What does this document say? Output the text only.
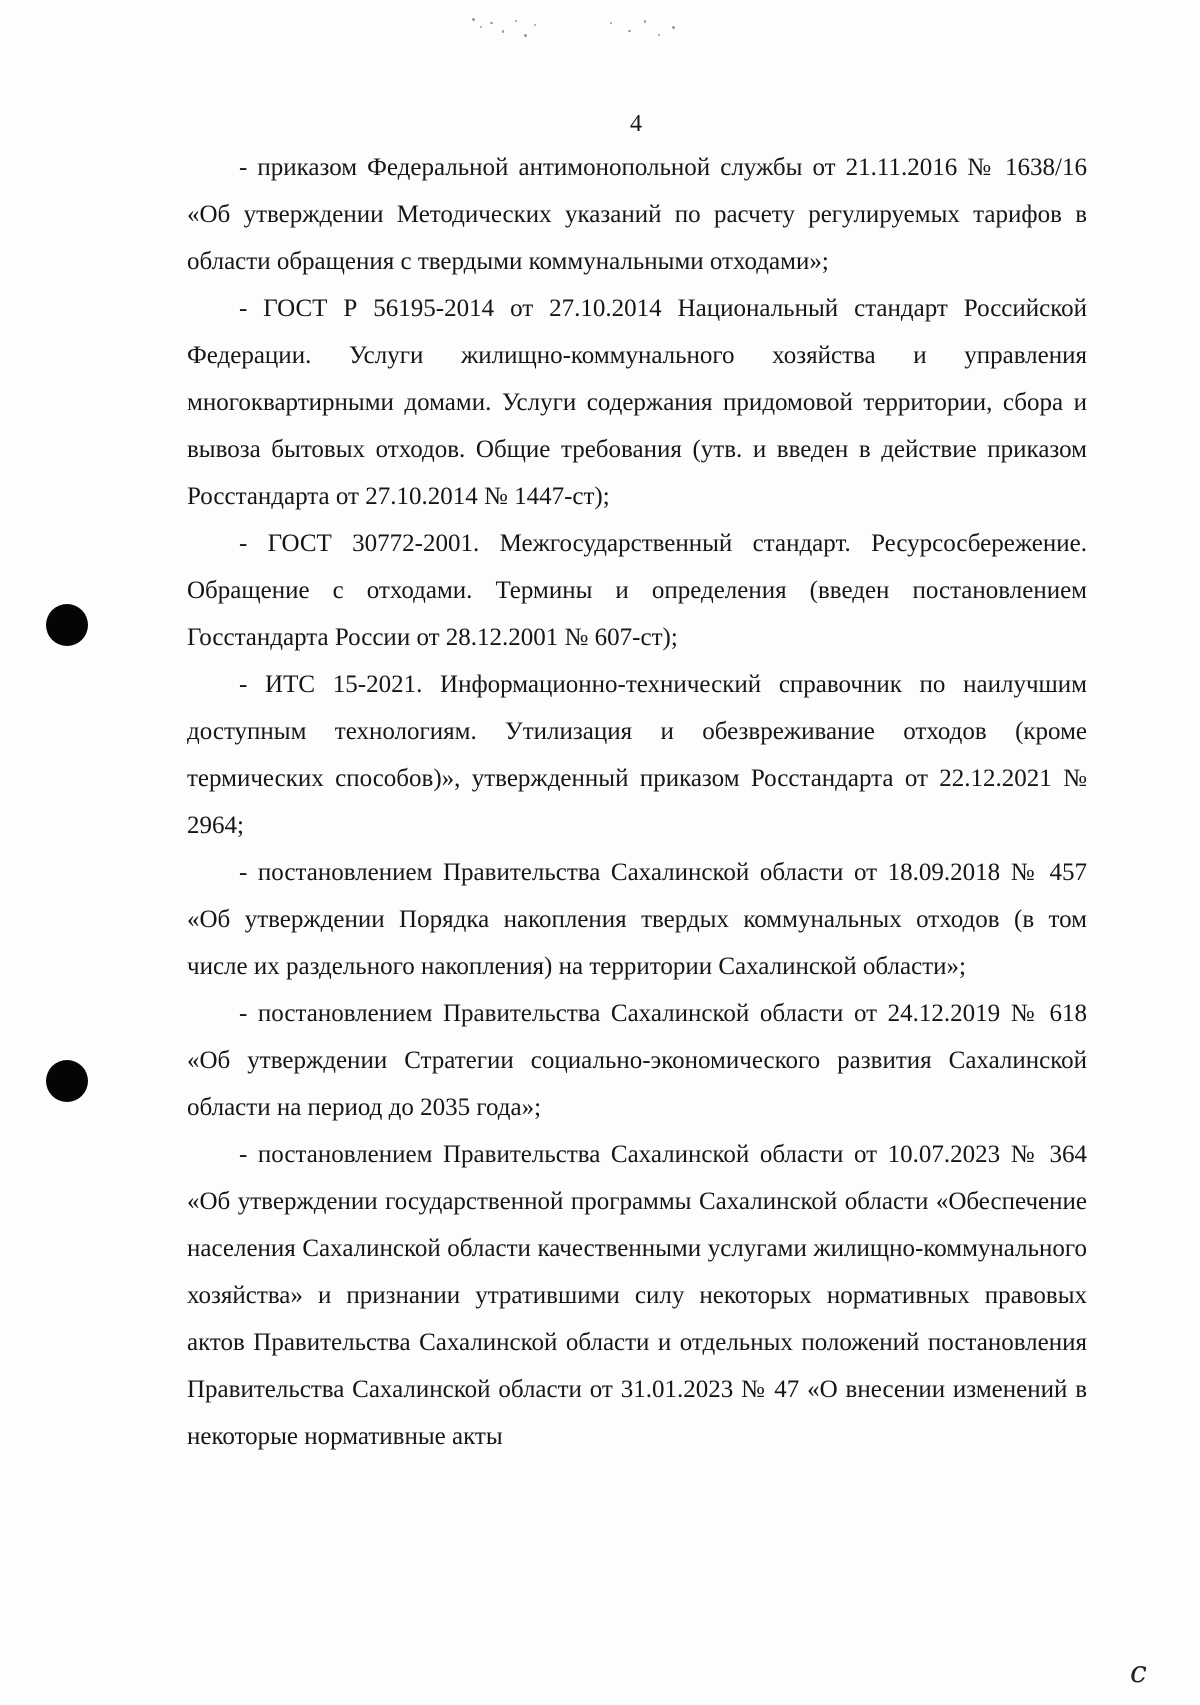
4

- приказом Федеральной антимонопольной службы от 21.11.2016 № 1638/16 «Об утверждении Методических указаний по расчету регулируемых тарифов в области обращения с твердыми коммунальными отходами»;

- ГОСТ Р 56195-2014 от 27.10.2014 Национальный стандарт Российской Федерации. Услуги жилищно-коммунального хозяйства и управления многоквартирными домами. Услуги содержания придомовой территории, сбора и вывоза бытовых отходов. Общие требования (утв. и введен в действие приказом Росстандарта от 27.10.2014 № 1447-ст);

- ГОСТ 30772-2001. Межгосударственный стандарт. Ресурсосбережение. Обращение с отходами. Термины и определения (введен постановлением Госстандарта России от 28.12.2001 № 607-ст);

- ИТС 15-2021. Информационно-технический справочник по наилучшим доступным технологиям. Утилизация и обезвреживание отходов (кроме термических способов)», утвержденный приказом Росстандарта от 22.12.2021 № 2964;

- постановлением Правительства Сахалинской области от 18.09.2018 № 457 «Об утверждении Порядка накопления твердых коммунальных отходов (в том числе их раздельного накопления) на территории Сахалинской области»;

- постановлением Правительства Сахалинской области от 24.12.2019 № 618 «Об утверждении Стратегии социально-экономического развития Сахалинской области на период до 2035 года»;

- постановлением Правительства Сахалинской области от 10.07.2023 № 364 «Об утверждении государственной программы Сахалинской области «Обеспечение населения Сахалинской области качественными услугами жилищно-коммунального хозяйства» и признании утратившими силу некоторых нормативных правовых актов Правительства Сахалинской области и отдельных положений постановления Правительства Сахалинской области от 31.01.2023 № 47 «О внесении изменений в некоторые нормативные акты

с
